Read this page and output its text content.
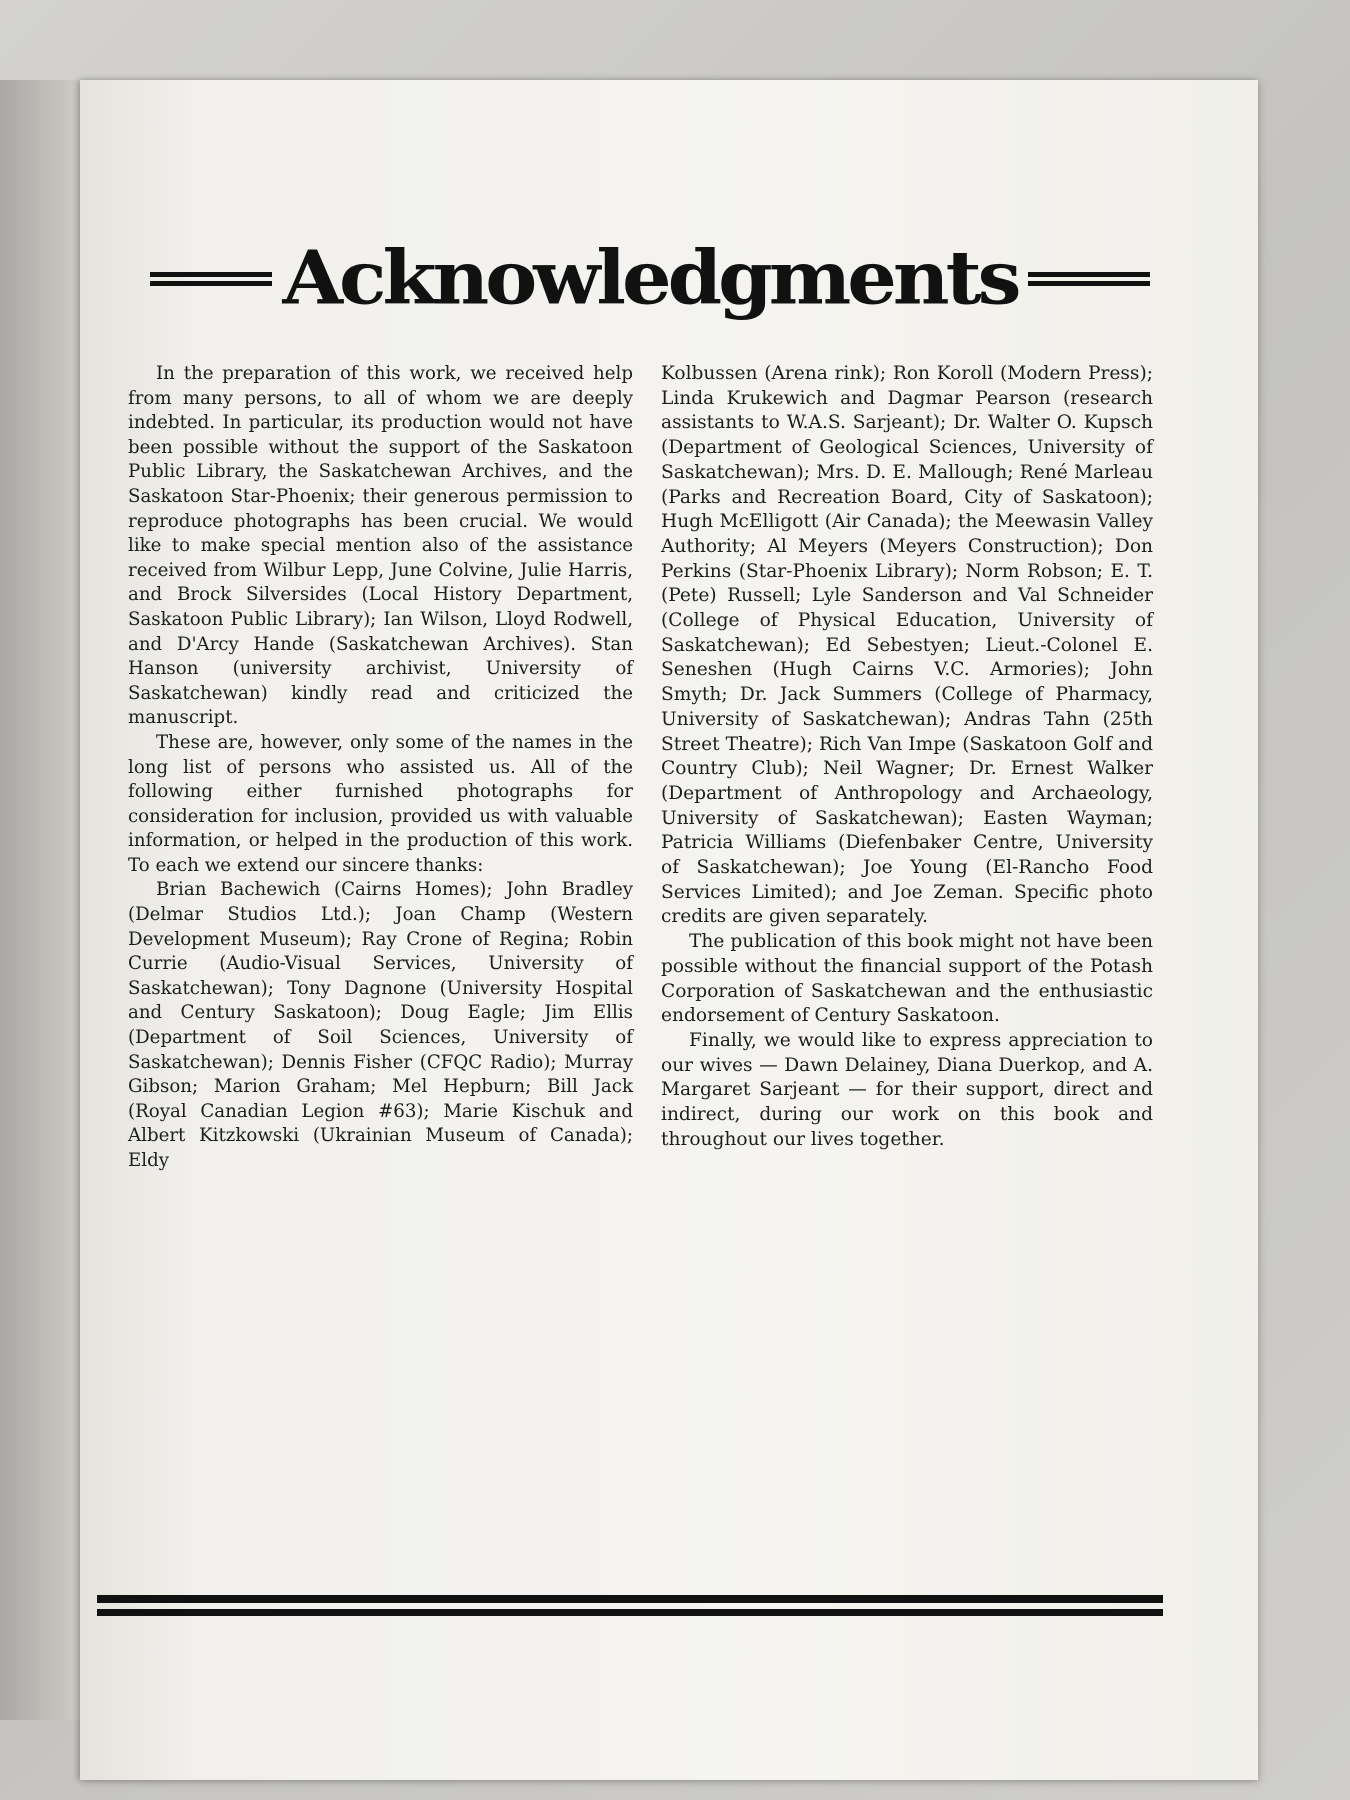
Acknowledgments

In the preparation of this work, we received help from many persons, to all of whom we are deeply indebted. In particular, its production would not have been possible without the support of the Saskatoon Public Library, the Saskatchewan Archives, and the Saskatoon Star-Phoenix; their generous permission to reproduce photographs has been crucial. We would like to make special mention also of the assistance received from Wilbur Lepp, June Colvine, Julie Harris, and Brock Silversides (Local History Department, Saskatoon Public Library); Ian Wilson, Lloyd Rodwell, and D'Arcy Hande (Saskatchewan Archives). Stan Hanson (university archivist, University of Saskatchewan) kindly read and criticized the manuscript.

These are, however, only some of the names in the long list of persons who assisted us. All of the following either furnished photographs for consideration for inclusion, provided us with valuable information, or helped in the production of this work. To each we extend our sincere thanks:

Brian Bachewich (Cairns Homes); John Bradley (Delmar Studios Ltd.); Joan Champ (Western Development Museum); Ray Crone of Regina; Robin Currie (Audio-Visual Services, University of Saskatchewan); Tony Dagnone (University Hospital and Century Saskatoon); Doug Eagle; Jim Ellis (Department of Soil Sciences, University of Saskatchewan); Dennis Fisher (CFQC Radio); Murray Gibson; Marion Graham; Mel Hepburn; Bill Jack (Royal Canadian Legion #63); Marie Kischuk and Albert Kitzkowski (Ukrainian Museum of Canada); Eldy

Kolbussen (Arena rink); Ron Koroll (Modern Press); Linda Krukewich and Dagmar Pearson (research assistants to W.A.S. Sarjeant); Dr. Walter O. Kupsch (Department of Geological Sciences, University of Saskatchewan); Mrs. D. E. Mallough; René Marleau (Parks and Recreation Board, City of Saskatoon); Hugh McElligott (Air Canada); the Meewasin Valley Authority; Al Meyers (Meyers Construction); Don Perkins (Star-Phoenix Library); Norm Robson; E. T. (Pete) Russell; Lyle Sanderson and Val Schneider (College of Physical Education, University of Saskatchewan); Ed Sebestyen; Lieut.-Colonel E. Seneshen (Hugh Cairns V.C. Armories); John Smyth; Dr. Jack Summers (College of Pharmacy, University of Saskatchewan); Andras Tahn (25th Street Theatre); Rich Van Impe (Saskatoon Golf and Country Club); Neil Wagner; Dr. Ernest Walker (Department of Anthropology and Archaeology, University of Saskatchewan); Easten Wayman; Patricia Williams (Diefenbaker Centre, University of Saskatchewan); Joe Young (El-Rancho Food Services Limited); and Joe Zeman. Specific photo credits are given separately.

The publication of this book might not have been possible without the financial support of the Potash Corporation of Saskatchewan and the enthusiastic endorsement of Century Saskatoon.

Finally, we would like to express appreciation to our wives — Dawn Delainey, Diana Duerkop, and A. Margaret Sarjeant — for their support, direct and indirect, during our work on this book and throughout our lives together.
